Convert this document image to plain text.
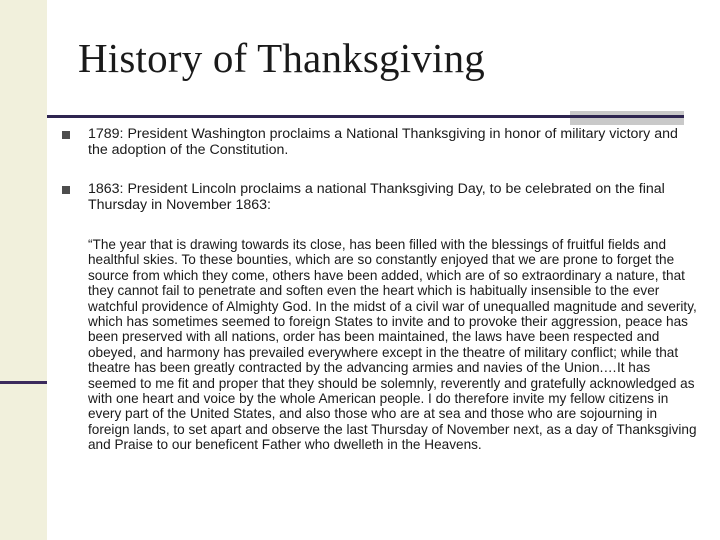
History of Thanksgiving
1789: President Washington proclaims a National Thanksgiving in honor of military victory and the adoption of the Constitution.
1863: President Lincoln proclaims a national Thanksgiving Day, to be celebrated on the final Thursday in November 1863:
“The year that is drawing towards its close, has been filled with the blessings of fruitful fields and healthful skies. To these bounties, which are so constantly enjoyed that we are prone to forget the source from which they come, others have been added, which are of so extraordinary a nature, that they cannot fail to penetrate and soften even the heart which is habitually insensible to the ever watchful providence of Almighty God. In the midst of a civil war of unequalled magnitude and severity, which has sometimes seemed to foreign States to invite and to provoke their aggression, peace has been preserved with all nations, order has been maintained, the laws have been respected and obeyed, and harmony has prevailed everywhere except in the theatre of military conflict; while that theatre has been greatly contracted by the advancing armies and navies of the Union.…It has seemed to me fit and proper that they should be solemnly, reverently and gratefully acknowledged as with one heart and voice by the whole American people. I do therefore invite my fellow citizens in every part of the United States, and also those who are at sea and those who are sojourning in foreign lands, to set apart and observe the last Thursday of November next, as a day of Thanksgiving and Praise to our beneficent Father who dwelleth in the Heavens.
